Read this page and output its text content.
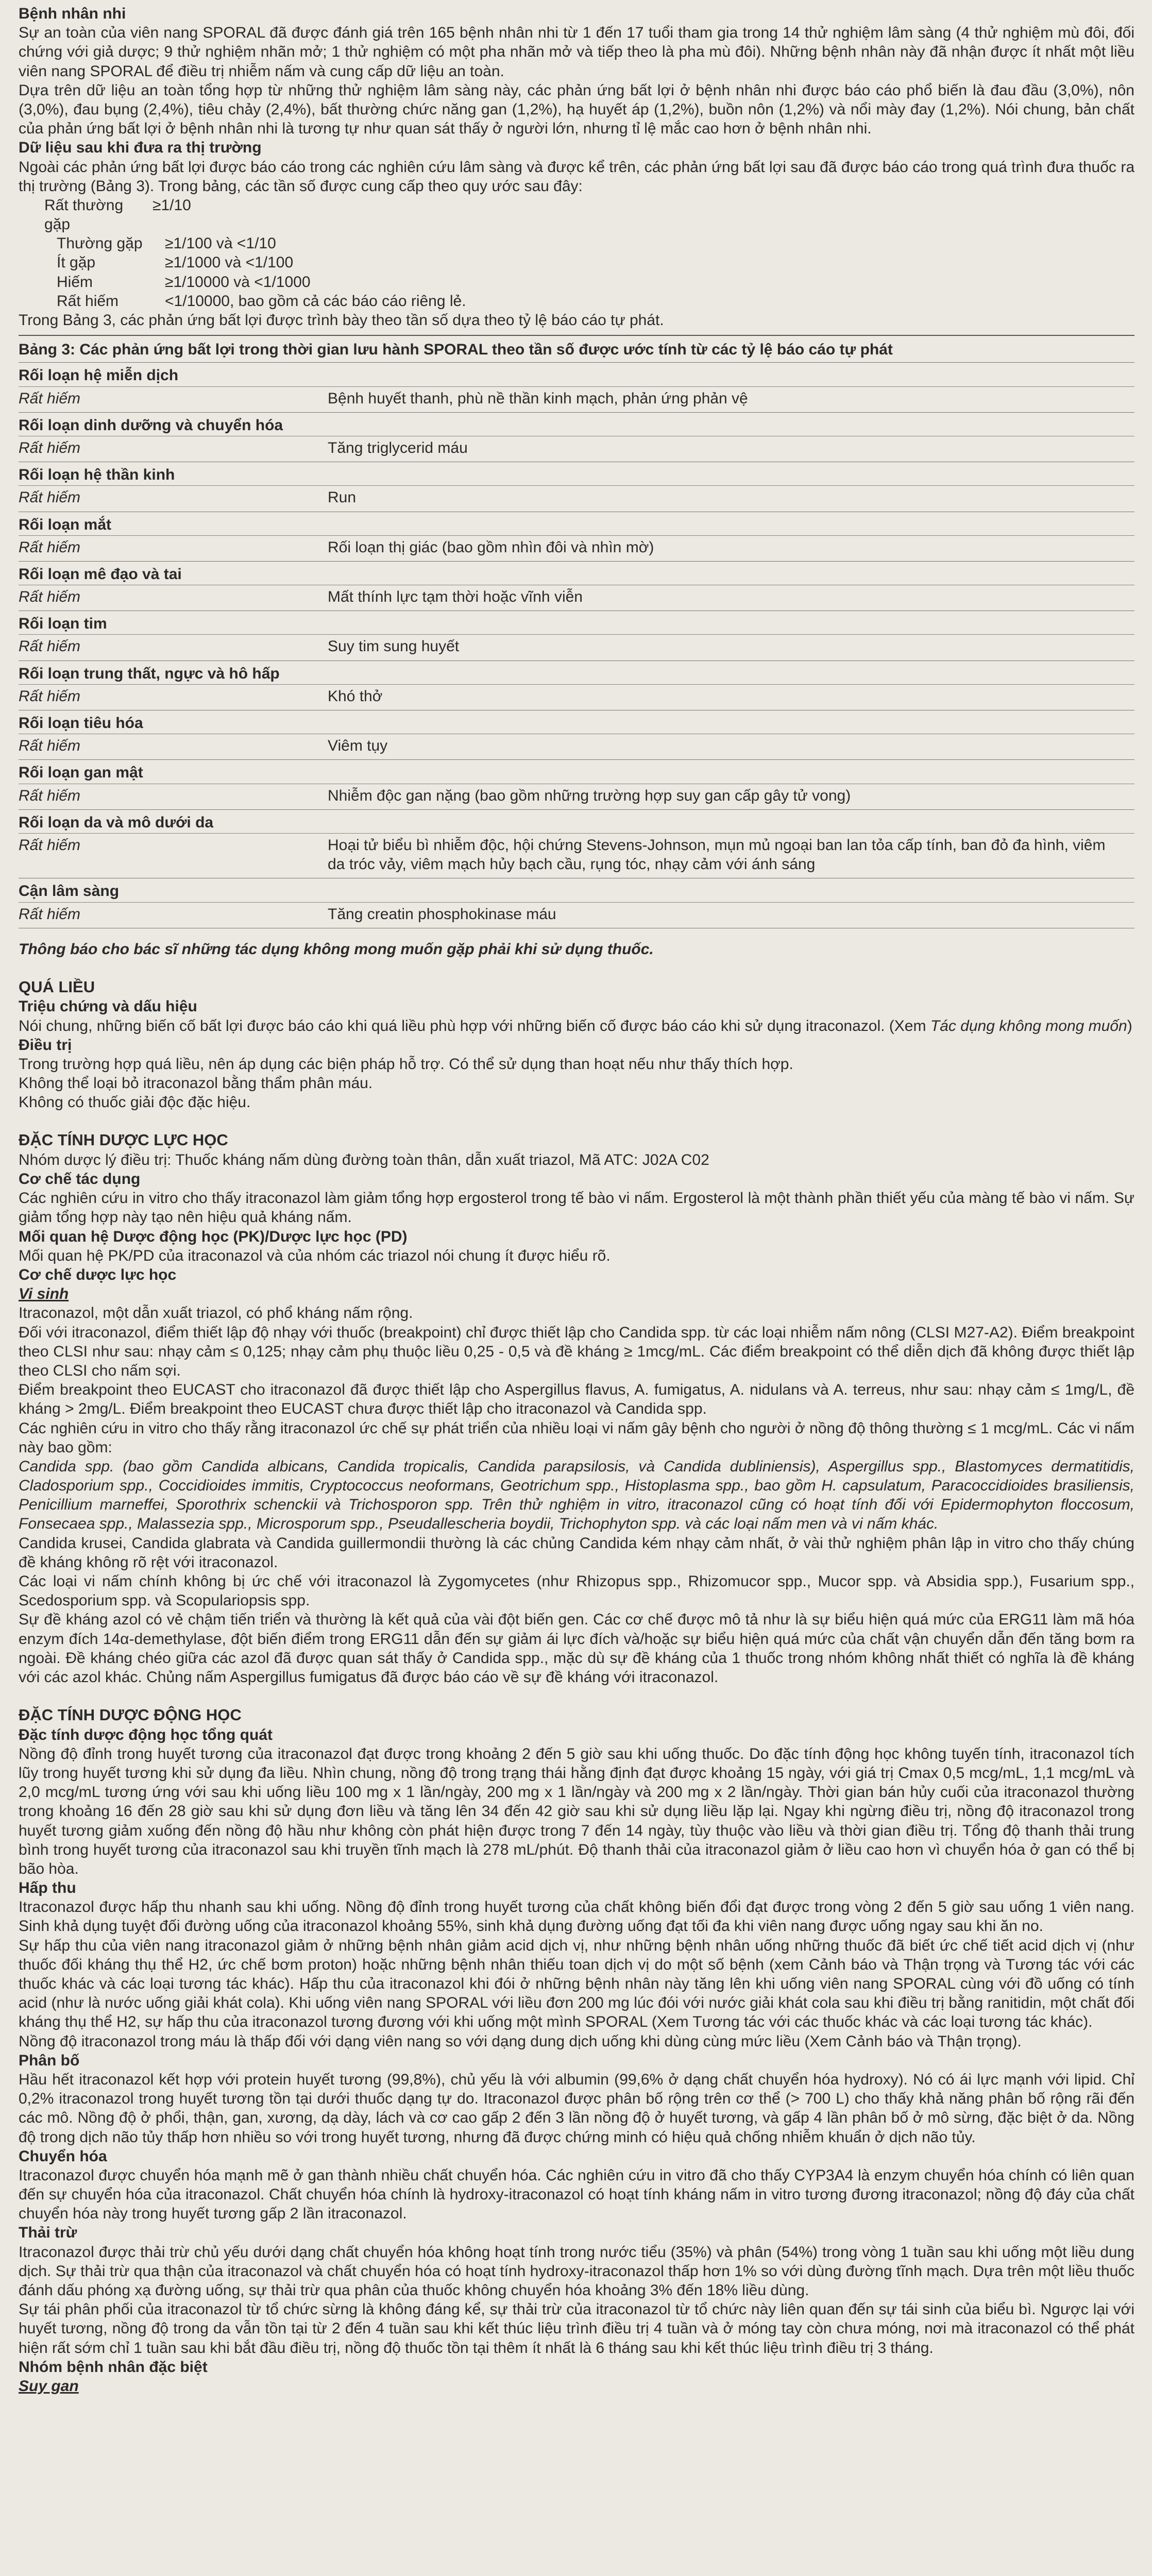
Bệnh nhân nhi

Sự an toàn của viên nang SPORAL đã được đánh giá trên 165 bệnh nhân nhi từ 1 đến 17 tuổi tham gia trong 14 thử nghiệm lâm sàng (4 thử nghiệm mù đôi, đối chứng với giả dược; 9 thử nghiệm nhãn mở; 1 thử nghiệm có một pha nhãn mở và tiếp theo là pha mù đôi). Những bệnh nhân này đã nhận được ít nhất một liều viên nang SPORAL để điều trị nhiễm nấm và cung cấp dữ liệu an toàn.

Dựa trên dữ liệu an toàn tổng hợp từ những thử nghiệm lâm sàng này, các phản ứng bất lợi ở bệnh nhân nhi được báo cáo phổ biến là đau đầu (3,0%), nôn (3,0%), đau bụng (2,4%), tiêu chảy (2,4%), bất thường chức năng gan (1,2%), hạ huyết áp (1,2%), buồn nôn (1,2%) và nổi mày đay (1,2%). Nói chung, bản chất của phản ứng bất lợi ở bệnh nhân nhi là tương tự như quan sát thấy ở người lớn, nhưng tỉ lệ mắc cao hơn ở bệnh nhân nhi.

Dữ liệu sau khi đưa ra thị trường

Ngoài các phản ứng bất lợi được báo cáo trong các nghiên cứu lâm sàng và được kể trên, các phản ứng bất lợi sau đã được báo cáo trong quá trình đưa thuốc ra thị trường (Bảng 3). Trong bảng, các tần số được cung cấp theo quy ước sau đây:

Rất thường gặp
≥1/10
Thường gặp	≥1/100 và <1/10
Ít gặp	≥1/1000 và <1/100
Hiếm	≥1/10000 và <1/1000
Rất hiếm	<1/10000, bao gồm cả các báo cáo riêng lẻ.

Trong Bảng 3, các phản ứng bất lợi được trình bày theo tần số dựa theo tỷ lệ báo cáo tự phát.

Bảng 3: Các phản ứng bất lợi trong thời gian lưu hành SPORAL theo tần số được ước tính từ các tỷ lệ báo cáo tự phát
Rối loạn hệ miễn dịch
Rất hiếm	Bệnh huyết thanh, phù nề thần kinh mạch, phản ứng phản vệ
Rối loạn dinh dưỡng và chuyển hóa
Rất hiếm	Tăng triglycerid máu
Rối loạn hệ thần kinh
Rất hiếm	Run
Rối loạn mắt
Rất hiếm	Rối loạn thị giác (bao gồm nhìn đôi và nhìn mờ)
Rối loạn mê đạo và tai
Rất hiếm	Mất thính lực tạm thời hoặc vĩnh viễn
Rối loạn tim
Rất hiếm	Suy tim sung huyết
Rối loạn trung thất, ngực và hô hấp
Rất hiếm	Khó thở
Rối loạn tiêu hóa
Rất hiếm	Viêm tụy
Rối loạn gan mật
Rất hiếm	Nhiễm độc gan nặng (bao gồm những trường hợp suy gan cấp gây tử vong)
Rối loạn da và mô dưới da
Rất hiếm	Hoại tử biểu bì nhiễm độc, hội chứng Stevens-Johnson, mụn mủ ngoại ban lan tỏa cấp tính, ban đỏ đa hình, viêm da tróc vảy, viêm mạch hủy bạch cầu, rụng tóc, nhạy cảm với ánh sáng
Cận lâm sàng
Rất hiếm	Tăng creatin phosphokinase máu
Thông báo cho bác sĩ những tác dụng không mong muốn gặp phải khi sử dụng thuốc.
QUÁ LIỀU
Triệu chứng và dấu hiệu

Nói chung, những biến cố bất lợi được báo cáo khi quá liều phù hợp với những biến cố được báo cáo khi sử dụng itraconazol. (Xem Tác dụng không mong muốn)

Điều trị

Trong trường hợp quá liều, nên áp dụng các biện pháp hỗ trợ. Có thể sử dụng than hoạt nếu như thấy thích hợp.

Không thể loại bỏ itraconazol bằng thẩm phân máu.

Không có thuốc giải độc đặc hiệu.

ĐẶC TÍNH DƯỢC LỰC HỌC

Nhóm dược lý điều trị: Thuốc kháng nấm dùng đường toàn thân, dẫn xuất triazol, Mã ATC: J02A C02

Cơ chế tác dụng

Các nghiên cứu in vitro cho thấy itraconazol làm giảm tổng hợp ergosterol trong tế bào vi nấm. Ergosterol là một thành phần thiết yếu của màng tế bào vi nấm. Sự giảm tổng hợp này tạo nên hiệu quả kháng nấm.

Mối quan hệ Dược động học (PK)/Dược lực học (PD)

Mối quan hệ PK/PD của itraconazol và của nhóm các triazol nói chung ít được hiểu rõ.

Cơ chế dược lực học
Vi sinh

Itraconazol, một dẫn xuất triazol, có phổ kháng nấm rộng.

Đối với itraconazol, điểm thiết lập độ nhạy với thuốc (breakpoint) chỉ được thiết lập cho Candida spp. từ các loại nhiễm nấm nông (CLSI M27-A2). Điểm breakpoint theo CLSI như sau: nhạy cảm ≤ 0,125; nhạy cảm phụ thuộc liều 0,25 - 0,5 và đề kháng ≥ 1mcg/mL. Các điểm breakpoint có thể diễn dịch đã không được thiết lập theo CLSI cho nấm sợi.

Điểm breakpoint theo EUCAST cho itraconazol đã được thiết lập cho Aspergillus flavus, A. fumigatus, A. nidulans và A. terreus, như sau: nhạy cảm ≤ 1mg/L, đề kháng > 2mg/L. Điểm breakpoint theo EUCAST chưa được thiết lập cho itraconazol và Candida spp.

Các nghiên cứu in vitro cho thấy rằng itraconazol ức chế sự phát triển của nhiều loại vi nấm gây bệnh cho người ở nồng độ thông thường ≤ 1 mcg/mL. Các vi nấm này bao gồm:

Candida spp. (bao gồm Candida albicans, Candida tropicalis, Candida parapsilosis, và Candida dubliniensis), Aspergillus spp., Blastomyces dermatitidis, Cladosporium spp., Coccidioides immitis, Cryptococcus neoformans, Geotrichum spp., Histoplasma spp., bao gồm H. capsulatum, Paracoccidioides brasiliensis, Penicillium marneffei, Sporothrix schenckii và Trichosporon spp. Trên thử nghiệm in vitro, itraconazol cũng có hoạt tính đối với Epidermophyton floccosum, Fonsecaea spp., Malassezia spp., Microsporum spp., Pseudallescheria boydii, Trichophyton spp. và các loại nấm men và vi nấm khác.

Candida krusei, Candida glabrata và Candida guillermondii thường là các chủng Candida kém nhạy cảm nhất, ở vài thử nghiệm phân lập in vitro cho thấy chúng đề kháng không rõ rệt với itraconazol.

Các loại vi nấm chính không bị ức chế với itraconazol là Zygomycetes (như Rhizopus spp., Rhizomucor spp., Mucor spp. và Absidia spp.), Fusarium spp., Scedosporium spp. và Scopulariopsis spp.

Sự đề kháng azol có vẻ chậm tiến triển và thường là kết quả của vài đột biến gen. Các cơ chế được mô tả như là sự biểu hiện quá mức của ERG11 làm mã hóa enzym đích 14α-demethylase, đột biến điểm trong ERG11 dẫn đến sự giảm ái lực đích và/hoặc sự biểu hiện quá mức của chất vận chuyển dẫn đến tăng bơm ra ngoài. Đề kháng chéo giữa các azol đã được quan sát thấy ở Candida spp., mặc dù sự đề kháng của 1 thuốc trong nhóm không nhất thiết có nghĩa là đề kháng với các azol khác. Chủng nấm Aspergillus fumigatus đã được báo cáo về sự đề kháng với itraconazol.

ĐẶC TÍNH DƯỢC ĐỘNG HỌC
Đặc tính dược động học tổng quát

Nồng độ đỉnh trong huyết tương của itraconazol đạt được trong khoảng 2 đến 5 giờ sau khi uống thuốc. Do đặc tính động học không tuyến tính, itraconazol tích lũy trong huyết tương khi sử dụng đa liều. Nhìn chung, nồng độ trong trạng thái hằng định đạt được khoảng 15 ngày, với giá trị Cmax 0,5 mcg/mL, 1,1 mcg/mL và 2,0 mcg/mL tương ứng với sau khi uống liều 100 mg x 1 lần/ngày, 200 mg x 1 lần/ngày và 200 mg x 2 lần/ngày. Thời gian bán hủy cuối của itraconazol thường trong khoảng 16 đến 28 giờ sau khi sử dụng đơn liều và tăng lên 34 đến 42 giờ sau khi sử dụng liều lặp lại. Ngay khi ngừng điều trị, nồng độ itraconazol trong huyết tương giảm xuống đến nồng độ hầu như không còn phát hiện được trong 7 đến 14 ngày, tùy thuộc vào liều và thời gian điều trị. Tổng độ thanh thải trung bình trong huyết tương của itraconazol sau khi truyền tĩnh mạch là 278 mL/phút. Độ thanh thải của itraconazol giảm ở liều cao hơn vì chuyển hóa ở gan có thể bị bão hòa.

Hấp thu

Itraconazol được hấp thu nhanh sau khi uống. Nồng độ đỉnh trong huyết tương của chất không biến đổi đạt được trong vòng 2 đến 5 giờ sau uống 1 viên nang. Sinh khả dụng tuyệt đối đường uống của itraconazol khoảng 55%, sinh khả dụng đường uống đạt tối đa khi viên nang được uống ngay sau khi ăn no.

Sự hấp thu của viên nang itraconazol giảm ở những bệnh nhân giảm acid dịch vị, như những bệnh nhân uống những thuốc đã biết ức chế tiết acid dịch vị (như thuốc đối kháng thụ thể H2, ức chế bơm proton) hoặc những bệnh nhân thiếu toan dịch vị do một số bệnh (xem Cảnh báo và Thận trọng và Tương tác với các thuốc khác và các loại tương tác khác). Hấp thu của itraconazol khi đói ở những bệnh nhân này tăng lên khi uống viên nang SPORAL cùng với đồ uống có tính acid (như là nước uống giải khát cola). Khi uống viên nang SPORAL với liều đơn 200 mg lúc đói với nước giải khát cola sau khi điều trị bằng ranitidin, một chất đối kháng thụ thể H2, sự hấp thu của itraconazol tương đương với khi uống một mình SPORAL (Xem Tương tác với các thuốc khác và các loại tương tác khác).

Nồng độ itraconazol trong máu là thấp đối với dạng viên nang so với dạng dung dịch uống khi dùng cùng mức liều (Xem Cảnh báo và Thận trọng).

Phân bố

Hầu hết itraconazol kết hợp với protein huyết tương (99,8%), chủ yếu là với albumin (99,6% ở dạng chất chuyển hóa hydroxy). Nó có ái lực mạnh với lipid. Chỉ 0,2% itraconazol trong huyết tương tồn tại dưới thuốc dạng tự do. Itraconazol được phân bố rộng trên cơ thể (> 700 L) cho thấy khả năng phân bố rộng rãi đến các mô. Nồng độ ở phổi, thận, gan, xương, dạ dày, lách và cơ cao gấp 2 đến 3 lần nồng độ ở huyết tương, và gấp 4 lần phân bố ở mô sừng, đặc biệt ở da. Nồng độ trong dịch não tủy thấp hơn nhiều so với trong huyết tương, nhưng đã được chứng minh có hiệu quả chống nhiễm khuẩn ở dịch não tủy.

Chuyển hóa

Itraconazol được chuyển hóa mạnh mẽ ở gan thành nhiều chất chuyển hóa. Các nghiên cứu in vitro đã cho thấy CYP3A4 là enzym chuyển hóa chính có liên quan đến sự chuyển hóa của itraconazol. Chất chuyển hóa chính là hydroxy-itraconazol có hoạt tính kháng nấm in vitro tương đương itraconazol; nồng độ đáy của chất chuyển hóa này trong huyết tương gấp 2 lần itraconazol.

Thải trừ

Itraconazol được thải trừ chủ yếu dưới dạng chất chuyển hóa không hoạt tính trong nước tiểu (35%) và phân (54%) trong vòng 1 tuần sau khi uống một liều dung dịch. Sự thải trừ qua thận của itraconazol và chất chuyển hóa có hoạt tính hydroxy-itraconazol thấp hơn 1% so với dùng đường tĩnh mạch. Dựa trên một liều thuốc đánh dấu phóng xạ đường uống, sự thải trừ qua phân của thuốc không chuyển hóa khoảng 3% đến 18% liều dùng.

Sự tái phân phối của itraconazol từ tổ chức sừng là không đáng kể, sự thải trừ của itraconazol từ tổ chức này liên quan đến sự tái sinh của biểu bì. Ngược lại với huyết tương, nồng độ trong da vẫn tồn tại từ 2 đến 4 tuần sau khi kết thúc liệu trình điều trị 4 tuần và ở móng tay còn chưa móng, nơi mà itraconazol có thể phát hiện rất sớm chỉ 1 tuần sau khi bắt đầu điều trị, nồng độ thuốc tồn tại thêm ít nhất là 6 tháng sau khi kết thúc liệu trình điều trị 3 tháng.

Nhóm bệnh nhân đặc biệt
Suy gan
